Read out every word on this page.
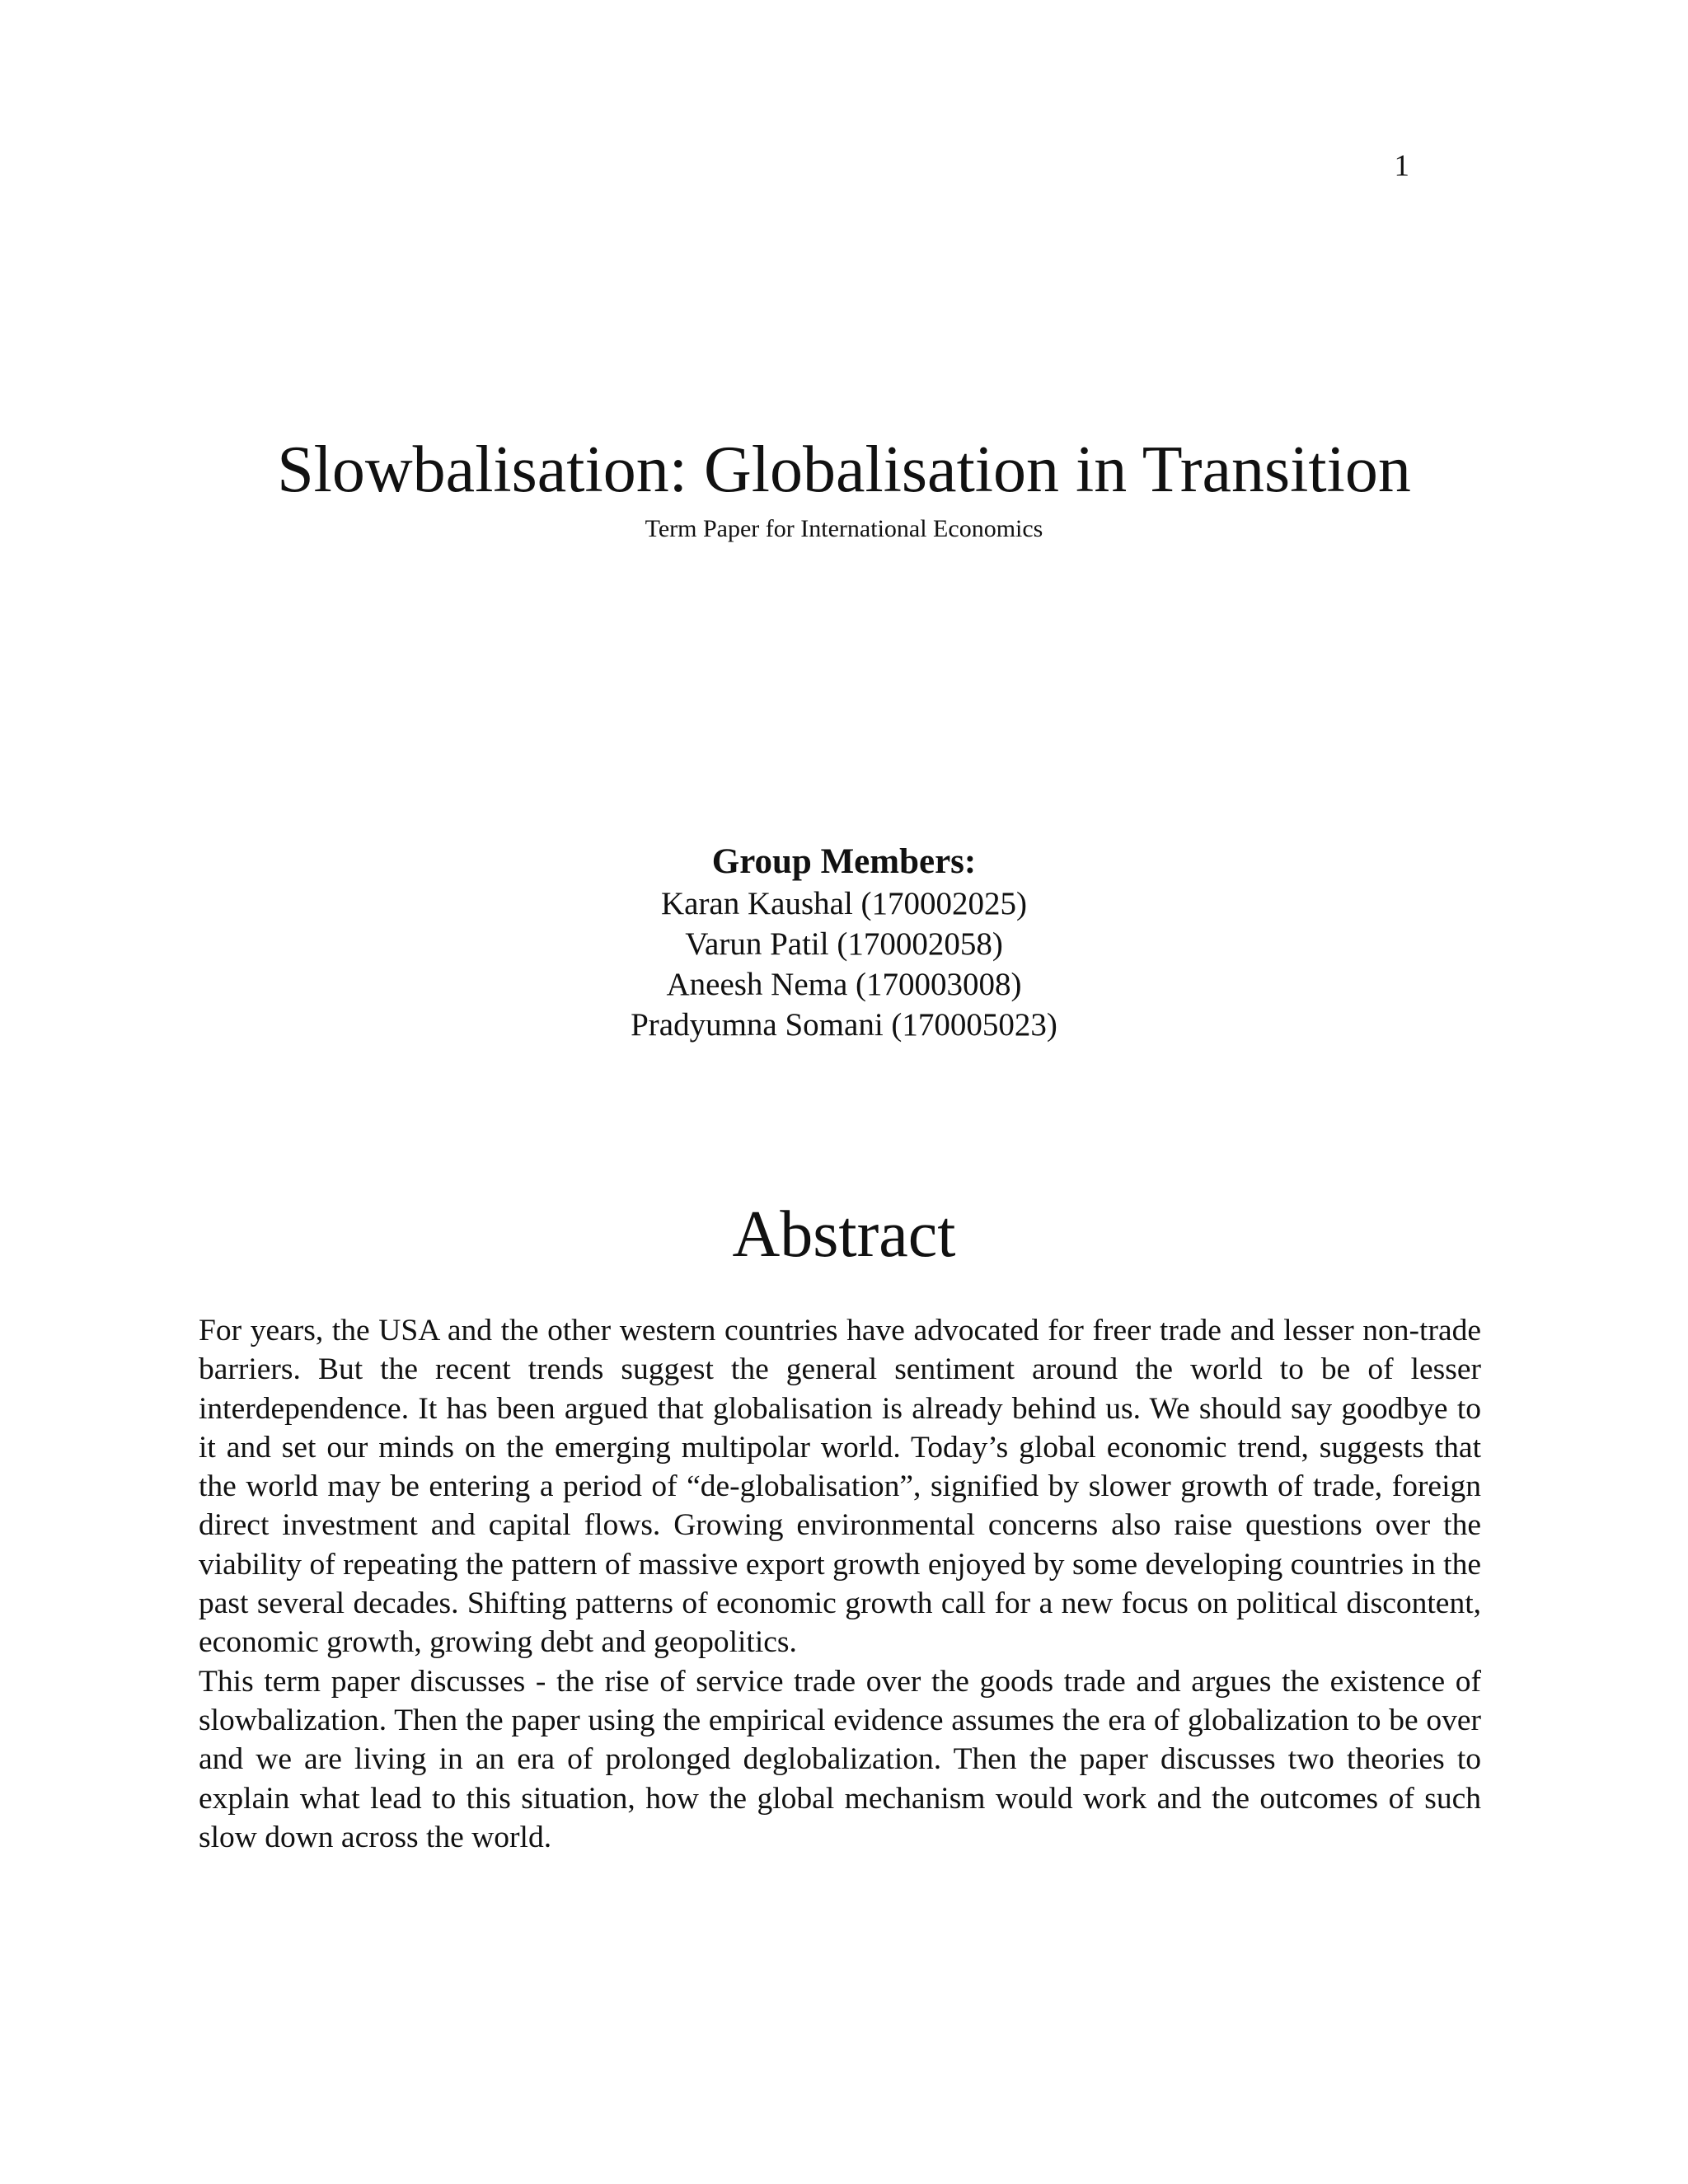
1
Slowbalisation: Globalisation in Transition
Term Paper for International Economics
Group Members:
Karan Kaushal (170002025)
Varun Patil (170002058)
Aneesh Nema (170003008)
Pradyumna Somani (170005023)
Abstract

For years, the USA and the other western countries have advocated for freer trade and lesser non-trade barriers. But the recent trends suggest the general sentiment around the world to be of lesser interdependence. It has been argued that globalisation is already behind us. We should say goodbye to it and set our minds on the emerging multipolar world. Today’s global economic trend, suggests that the world may be entering a period of “de-globalisation”, signified by slower growth of trade, foreign direct investment and capital flows. Growing environmental concerns also raise questions over the viability of repeating the pattern of massive export growth enjoyed by some developing countries in the past several decades. Shifting patterns of economic growth call for a new focus on political discontent, economic growth, growing debt and geopolitics.

This term paper discusses - the rise of service trade over the goods trade and argues the existence of slowbalization. Then the paper using the empirical evidence assumes the era of globalization to be over and we are living in an era of prolonged deglobalization. Then the paper discusses two theories to explain what lead to this situation, how the global mechanism would work and the outcomes of such slow down across the world.
